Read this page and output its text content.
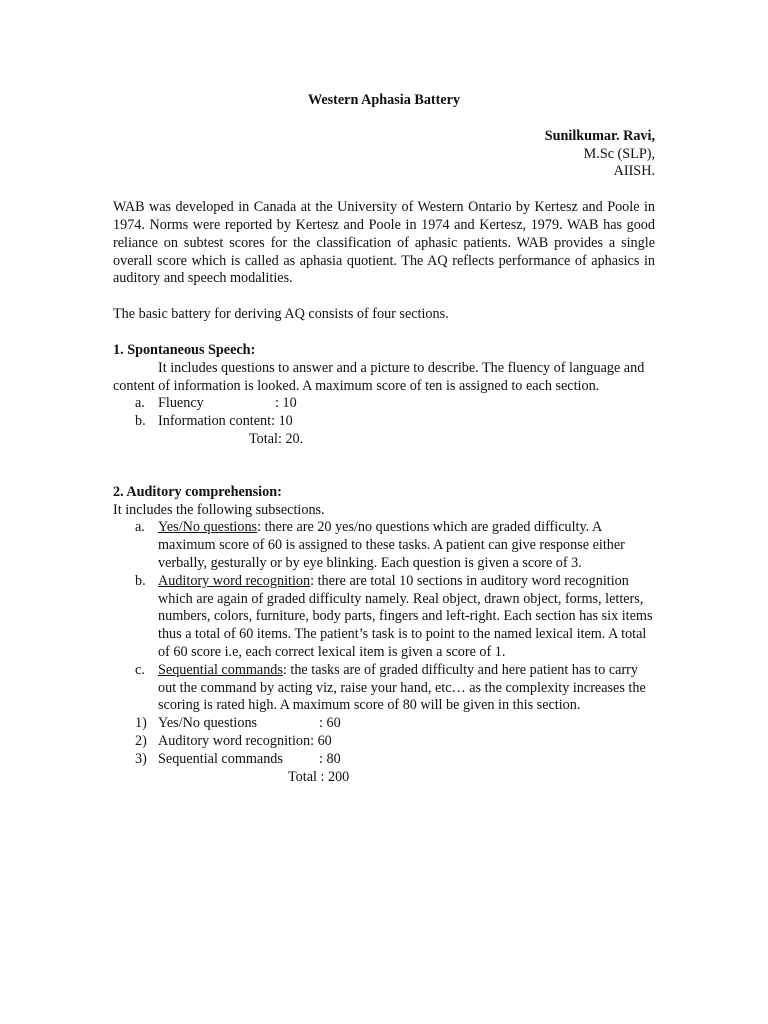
Western Aphasia Battery
Sunilkumar. Ravi,
M.Sc (SLP),
AIISH.
WAB was developed in Canada at the University of Western Ontario by Kertesz and Poole in 1974. Norms were reported by Kertesz and Poole in 1974 and Kertesz, 1979. WAB has good reliance on subtest scores for the classification of aphasic patients. WAB provides a single overall score which is called as aphasia quotient. The AQ reflects performance of aphasics in auditory and speech modalities.
The basic battery for deriving AQ consists of four sections.
1. Spontaneous Speech:
It includes questions to answer and a picture to describe. The fluency of language and content of information is looked. A maximum score of ten is assigned to each section.
a. Fluency	: 10
b. Information content : 10
Total: 20.
2. Auditory comprehension:
It includes the following subsections.
a. Yes/No questions: there are 20 yes/no questions which are graded difficulty. A maximum score of 60 is assigned to these tasks. A patient can give response either verbally, gesturally or by eye blinking. Each question is given a score of 3.
b. Auditory word recognition: there are total 10 sections in auditory word recognition which are again of graded difficulty namely. Real object, drawn object, forms, letters, numbers, colors, furniture, body parts, fingers and left-right. Each section has six items thus a total of 60 items. The patient’s task is to point to the named lexical item. A total of 60 score i.e, each correct lexical item is given a score of 1.
c. Sequential commands: the tasks are of graded difficulty and here patient has to carry out the command by acting viz, raise your hand, etc… as the complexity increases the scoring is rated high. A maximum score of 80 will be given in this section.
1) Yes/No questions	: 60
2) Auditory word recognition : 60
3) Sequential commands	: 80
Total : 200
